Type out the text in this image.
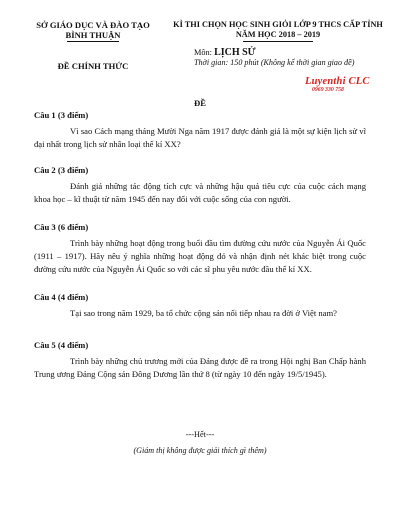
SỞ GIÁO DỤC VÀ ĐÀO TẠO
BÌNH THUẬN
ĐỀ CHÍNH THỨC
KÌ THI CHỌN HỌC SINH GIỎI LỚP 9 THCS CẤP TỈNH
NĂM HỌC 2018 – 2019
Môn: LỊCH SỬ
Thời gian: 150 phút (Không kể thời gian giao đề)
Luyenthi CLC
0969 330 758
ĐỀ
Câu 1 (3 điểm)
Vì sao Cách mạng tháng Mười Nga năm 1917 được đánh giá là một sự kiện lịch sử vĩ đại nhất trong lịch sử nhân loại thế kỉ XX?
Câu 2 (3 điểm)
Đánh giá những tác động tích cực và những hậu quả tiêu cực của cuộc cách mạng khoa học – kĩ thuật từ năm 1945 đến nay đối với cuộc sống của con người.
Câu 3 (6 điểm)
Trình bày những hoạt động trong buổi đầu tìm đường cứu nước của Nguyễn Ái Quốc (1911 – 1917). Hãy nêu ý nghĩa những hoạt động đó và nhận định nét khác biệt trong cuộc đường cứu nước của Nguyễn Ái Quốc so với các sĩ phu yêu nước đầu thế kỉ XX.
Câu 4 (4 điểm)
Tại sao trong năm 1929, ba tổ chức cộng sản nối tiếp nhau ra đời ở Việt nam?
Câu 5 (4 điểm)
Trình bày những chủ trương mới của Đảng được đề ra trong Hội nghị Ban Chấp hành Trung ương Đảng Cộng sản Đông Dương lần thứ 8 (từ ngày 10 đến ngày 19/5/1945).
---Hết---
(Giám thị không được giải thích gì thêm)
